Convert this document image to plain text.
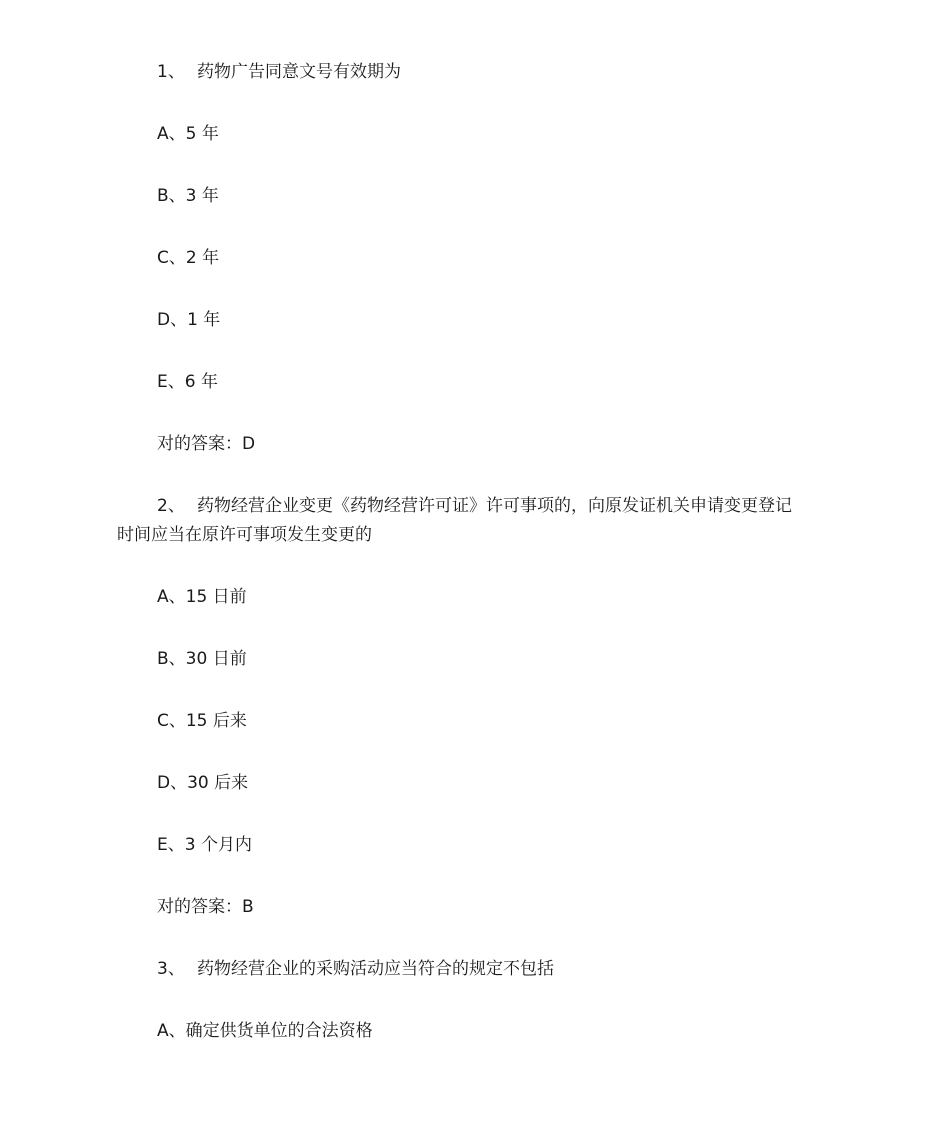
1、 药物广告同意文号有效期为
A、5 年
B、3 年
C、2 年
D、1 年
E、6 年
对的答案：D
2、 药物经营企业变更《药物经营许可证》许可事项的，向原发证机关申请变更登记
时间应当在原许可事项发生变更的
A、15 日前
B、30 日前
C、15 后来
D、30 后来
E、3 个月内
对的答案：B
3、 药物经营企业的采购活动应当符合的规定不包括
A、确定供货单位的合法资格
